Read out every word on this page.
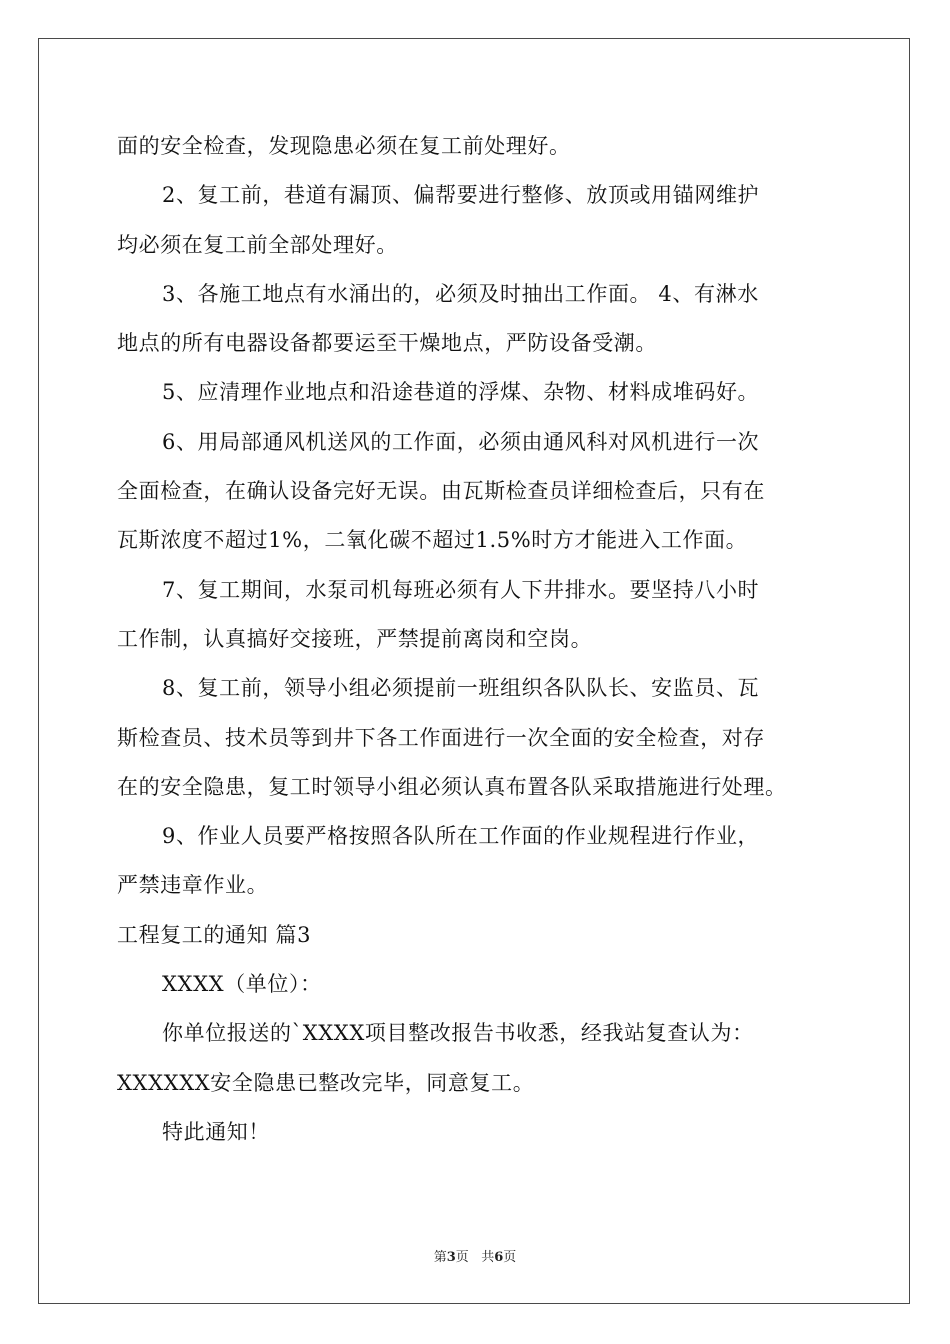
面的安全检查，发现隐患必须在复工前处理好。
2、复工前，巷道有漏顶、偏帮要进行整修、放顶或用锚网维护
均必须在复工前全部处理好。
3、各施工地点有水涌出的，必须及时抽出工作面。 4、有淋水
地点的所有电器设备都要运至干燥地点，严防设备受潮。
5、应清理作业地点和沿途巷道的浮煤、杂物、材料成堆码好。
6、用局部通风机送风的工作面，必须由通风科对风机进行一次
全面检查，在确认设备完好无误。由瓦斯检查员详细检查后，只有在
瓦斯浓度不超过1%，二氧化碳不超过1.5%时方才能进入工作面。
7、复工期间，水泵司机每班必须有人下井排水。要坚持八小时
工作制，认真搞好交接班，严禁提前离岗和空岗。
8、复工前，领导小组必须提前一班组织各队队长、安监员、瓦
斯检查员、技术员等到井下各工作面进行一次全面的安全检查，对存
在的安全隐患，复工时领导小组必须认真布置各队采取措施进行处理。
9、作业人员要严格按照各队所在工作面的作业规程进行作业，
严禁违章作业。
工程复工的通知 篇3
XXXX（单位）：
你单位报送的`XXXX项目整改报告书收悉，经我站复查认为：
XXXXXX安全隐患已整改完毕，同意复工。
特此通知！
第3页 共6页
